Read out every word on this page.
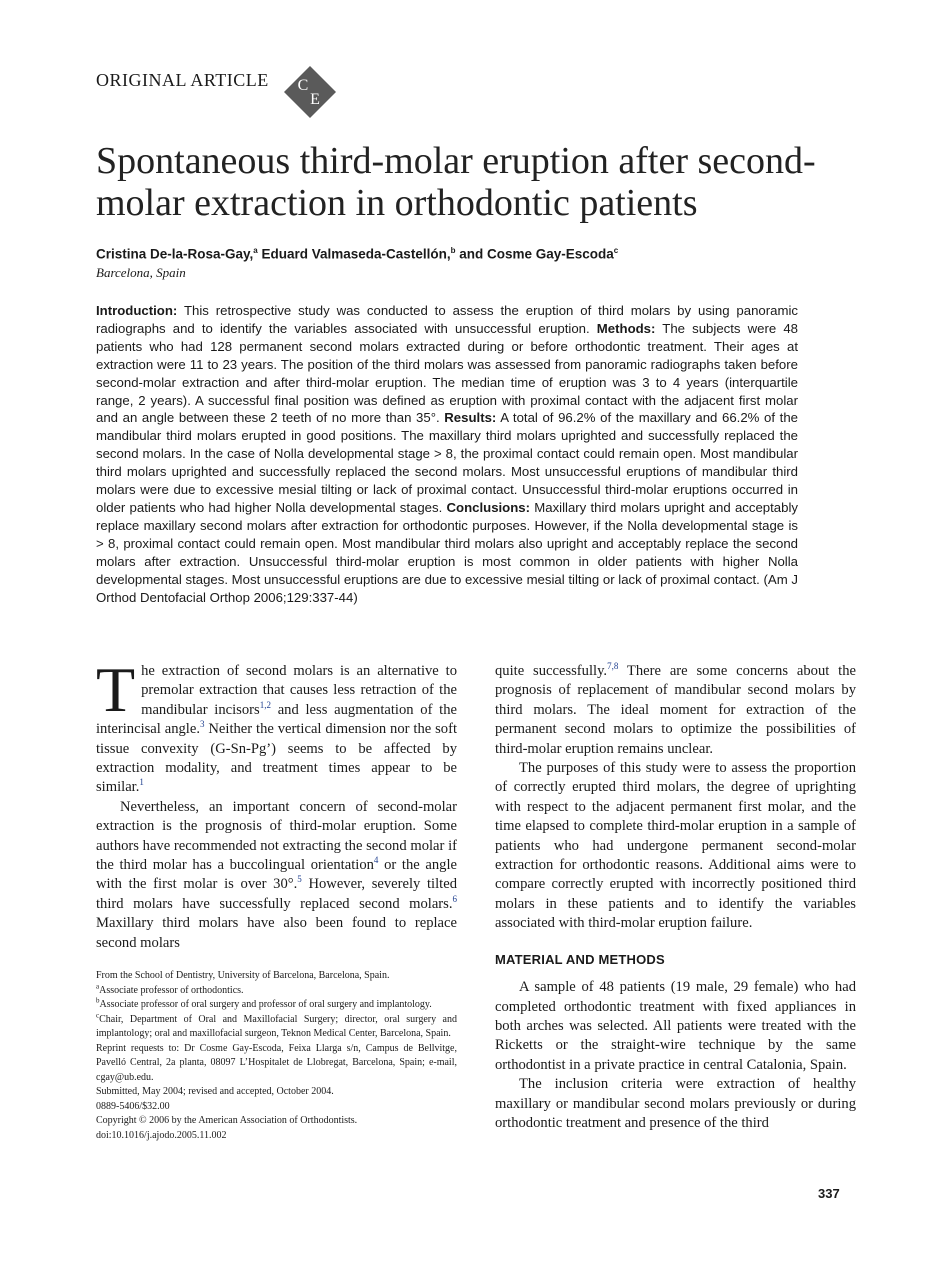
ORIGINAL ARTICLE C
E
Spontaneous third-molar eruption after second-molar extraction in orthodontic patients
Cristina De-la-Rosa-Gay,$^a$ Eduard Valmaseda-Castellón,$^b$ and Cosme Gay-Escoda$^c$
Barcelona, Spain

Introduction: This retrospective study was conducted to assess the eruption of third molars by using panoramic radiographs and to identify the variables associated with unsuccessful eruption. Methods: The subjects were 48 patients who had 128 permanent second molars extracted during or before orthodontic treatment. Their ages at extraction were 11 to 23 years. The position of the third molars was assessed from panoramic radiographs taken before second-molar extraction and after third-molar eruption. The median time of eruption was 3 to 4 years (interquartile range, 2 years). A successful final position was defined as eruption with proximal contact with the adjacent first molar and an angle between these 2 teeth of no more than 35°. Results: A total of 96.2% of the maxillary and 66.2% of the mandibular third molars erupted in good positions. The maxillary third molars uprighted and successfully replaced the second molars. In the case of Nolla developmental stage > 8, the proximal contact could remain open. Most mandibular third molars uprighted and successfully replaced the second molars. Most unsuccessful eruptions of mandibular third molars were due to excessive mesial tilting or lack of proximal contact. Unsuccessful third-molar eruptions occurred in older patients who had higher Nolla developmental stages. Conclusions: Maxillary third molars upright and acceptably replace maxillary second molars after extraction for orthodontic purposes. However, if the Nolla developmental stage is > 8, proximal contact could remain open. Most mandibular third molars also upright and acceptably replace the second molars after extraction. Unsuccessful third-molar eruption is most common in older patients with higher Nolla developmental stages. Most unsuccessful eruptions are due to excessive mesial tilting or lack of proximal contact. (Am J Orthod Dentofacial Orthop 2006;129:337-44)

The extraction of second molars is an alternative to premolar extraction that causes less retraction of the mandibular incisors$^{1,2}$ and less augmentation of the interincisal angle.$^3$ Neither the vertical dimension nor the soft tissue convexity (G-Sn-Pg’) seems to be affected by extraction modality, and treatment times appear to be similar.$^1$

Nevertheless, an important concern of second-molar extraction is the prognosis of third-molar eruption. Some authors have recommended not extracting the second molar if the third molar has a buccolingual orientation$^4$ or the angle with the first molar is over 30°.$^5$ However, severely tilted third molars have successfully replaced second molars.$^6$ Maxillary third molars have also been found to replace second molars

From the School of Dentistry, University of Barcelona, Barcelona, Spain.
$^a$Associate professor of orthodontics.
$^b$Associate professor of oral surgery and professor of oral surgery and implantology.
$^c$Chair, Department of Oral and Maxillofacial Surgery; director, oral surgery and implantology; oral and maxillofacial surgeon, Teknon Medical Center, Barcelona, Spain.
Reprint requests to: Dr Cosme Gay-Escoda, Feixa Llarga s/n, Campus de Bellvitge, Pavelló Central, 2a planta, 08097 L’Hospitalet de Llobregat, Barcelona, Spain; e-mail, cgay@ub.edu.
Submitted, May 2004; revised and accepted, October 2004.
0889-5406/$32.00
Copyright © 2006 by the American Association of Orthodontists.
doi:10.1016/j.ajodo.2005.11.002

quite successfully.$^{7,8}$ There are some concerns about the prognosis of replacement of mandibular second molars by third molars. The ideal moment for extraction of the permanent second molars to optimize the possibilities of third-molar eruption remains unclear.

The purposes of this study were to assess the proportion of correctly erupted third molars, the degree of uprighting with respect to the adjacent permanent first molar, and the time elapsed to complete third-molar eruption in a sample of patients who had undergone permanent second-molar extraction for orthodontic reasons. Additional aims were to compare correctly erupted with incorrectly positioned third molars in these patients and to identify the variables associated with third-molar eruption failure.

MATERIAL AND METHODS

A sample of 48 patients (19 male, 29 female) who had completed orthodontic treatment with fixed appliances in both arches was selected. All patients were treated with the Ricketts or the straight-wire technique by the same orthodontist in a private practice in central Catalonia, Spain.

The inclusion criteria were extraction of healthy maxillary or mandibular second molars previously or during orthodontic treatment and presence of the third

337
